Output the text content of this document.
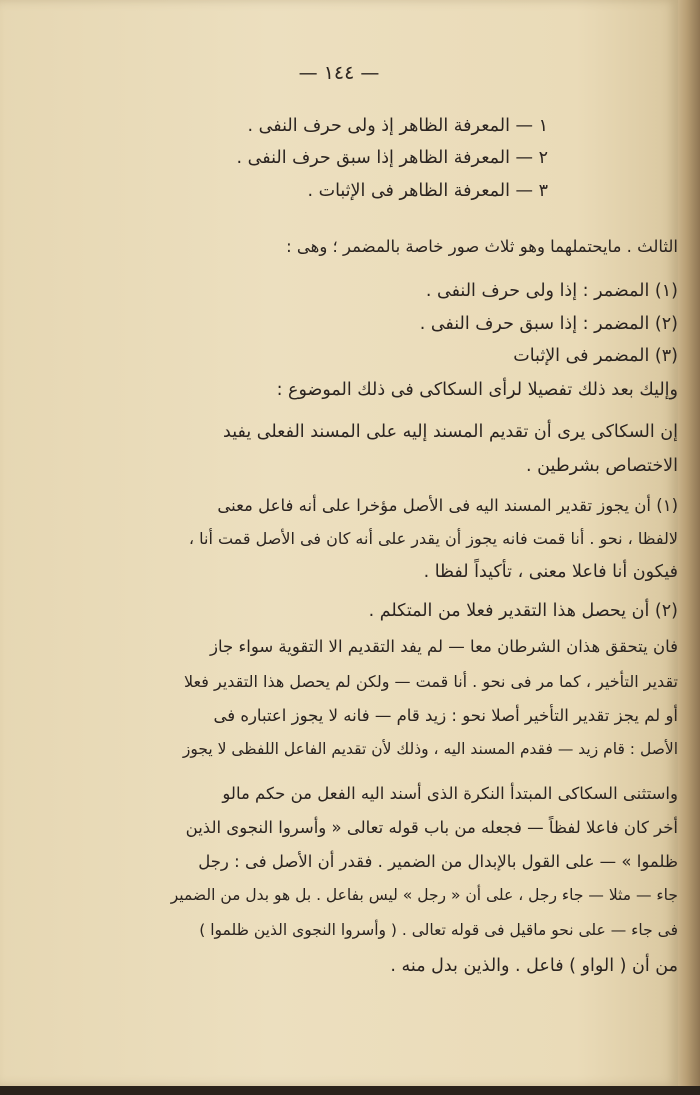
— ١٤٤ —
١ — المعرفة الظاهر إذ ولى حرف النفى .
٢ — المعرفة الظاهر إذا سبق حرف النفى .
٣ — المعرفة الظاهر فى الإثبات .
الثالث . مايحتملهما وهو ثلاث صور خاصة بالمضمر ؛ وهى :
(١) المضمر : إذا ولى حرف النفى .
(٢) المضمر : إذا سبق حرف النفى .
(٣) المضمر فى الإثبات
وإليك بعد ذلك تفصيلا لرأى السكاكى فى ذلك الموضوع :
إن السكاكى يرى أن تقديم المسند إليه على المسند الفعلى يفيد
الاختصاص بشرطين .
(١) أن يجوز تقدير المسند اليه فى الأصل مؤخرا على أنه فاعل معنى
لالفظا ، نحو . أنا قمت فانه يجوز أن يقدر على أنه كان فى الأصل قمت أنا ،
فيكون أنا فاعلا معنى ، تأكيداً لفظا .
(٢) أن يحصل هذا التقدير فعلا من المتكلم .
فان يتحقق هذان الشرطان معا — لم يفد التقديم الا التقوية سواء جاز
تقدير التأخير ، كما مر فى نحو . أنا قمت — ولكن لم يحصل هذا التقدير فعلا
أو لم يجز تقدير التأخير أصلا نحو : زيد قام — فانه لا يجوز اعتباره فى
الأصل : قام زيد — فقدم المسند اليه ، وذلك لأن تقديم الفاعل اللفظى لا يجوز
واستثنى السكاكى المبتدأ النكرة الذى أسند اليه الفعل من حكم مالو
أخر كان فاعلا لفظاً — فجعله من باب قوله تعالى « وأسروا النجوى الذين
ظلموا » — على القول بالإبدال من الضمير . فقدر أن الأصل فى : رجل
جاء — مثلا — جاء رجل ، على أن « رجل » ليس بفاعل . بل هو بدل من الضمير
فى جاء — على نحو ماقيل فى قوله تعالى . ( وأسروا النجوى الذين ظلموا )
من أن ( الواو ) فاعل . والذين بدل منه .
